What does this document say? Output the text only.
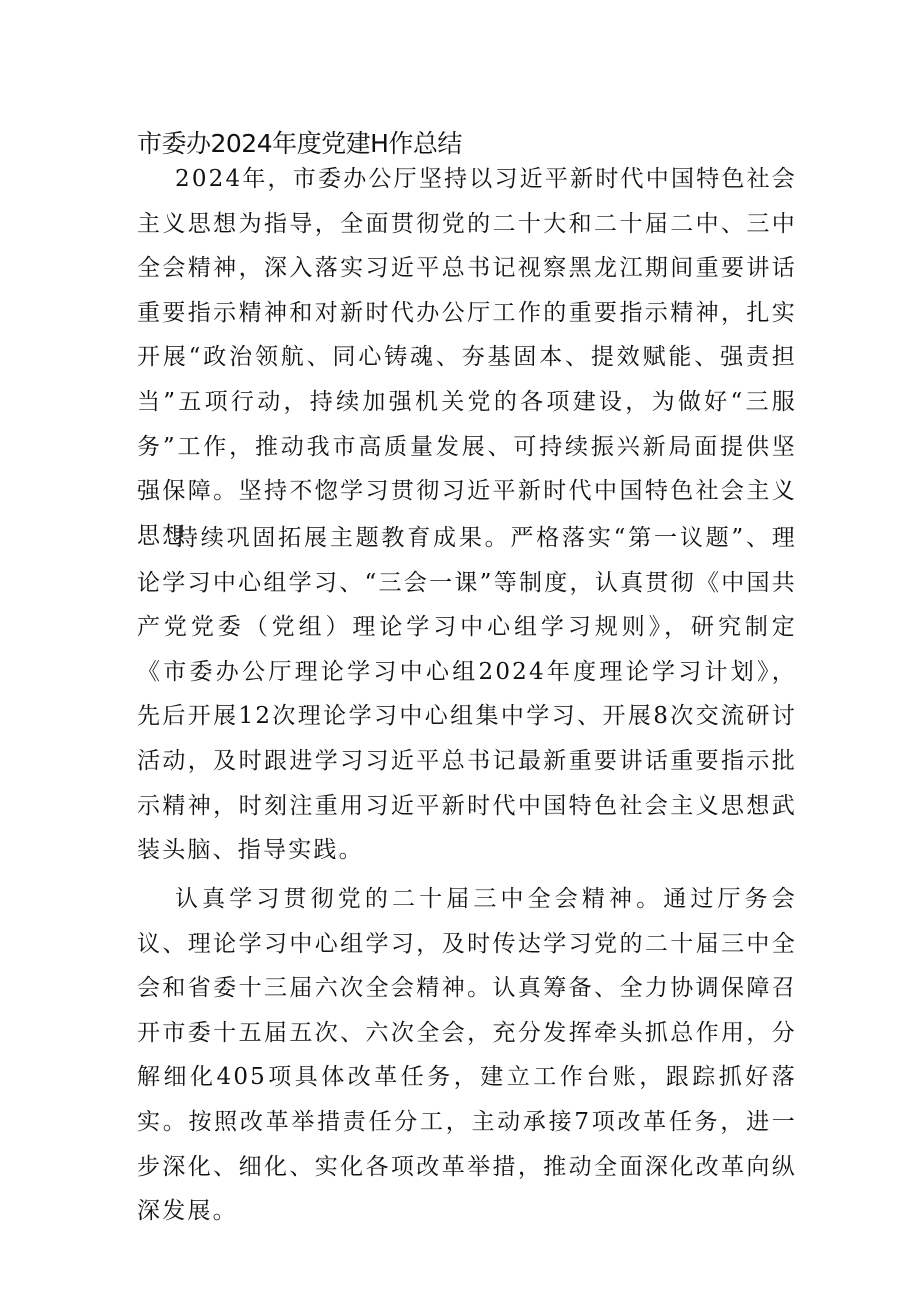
市委办2024年度党建H作总结

2024年，市委办公厅坚持以习近平新时代中国特色社会主义思想为指导，全面贯彻党的二十大和二十届二中、三中全会精神，深入落实习近平总书记视察黑龙江期间重要讲话重要指示精神和对新时代办公厅工作的重要指示精神，扎实开展“政治领航、同心铸魂、夯基固本、提效赋能、强责担当”五项行动，持续加强机关党的各项建设，为做好“三服务”工作，推动我市高质量发展、可持续振兴新局面提供坚强保障。坚持不惚学习贯彻习近平新时代中国特色社会主义思想

持续巩固拓展主题教育成果。严格落实“第一议题”、理论学习中心组学习、“三会一课”等制度，认真贯彻《中国共产党党委（党组）理论学习中心组学习规则》，研究制定《市委办公厅理论学习中心组2024年度理论学习计划》，先后开展12次理论学习中心组集中学习、开展8次交流研讨活动，及时跟进学习习近平总书记最新重要讲话重要指示批示精神，时刻注重用习近平新时代中国特色社会主义思想武装头脑、指导实践。

认真学习贯彻党的二十届三中全会精神。通过厅务会议、理论学习中心组学习，及时传达学习党的二十届三中全会和省委十三届六次全会精神。认真筹备、全力协调保障召开市委十五届五次、六次全会，充分发挥牵头抓总作用，分解细化405项具体改革任务，建立工作台账，跟踪抓好落实。按照改革举措责任分工，主动承接7项改革任务，进一步深化、细化、实化各项改革举措，推动全面深化改革向纵深发展。
